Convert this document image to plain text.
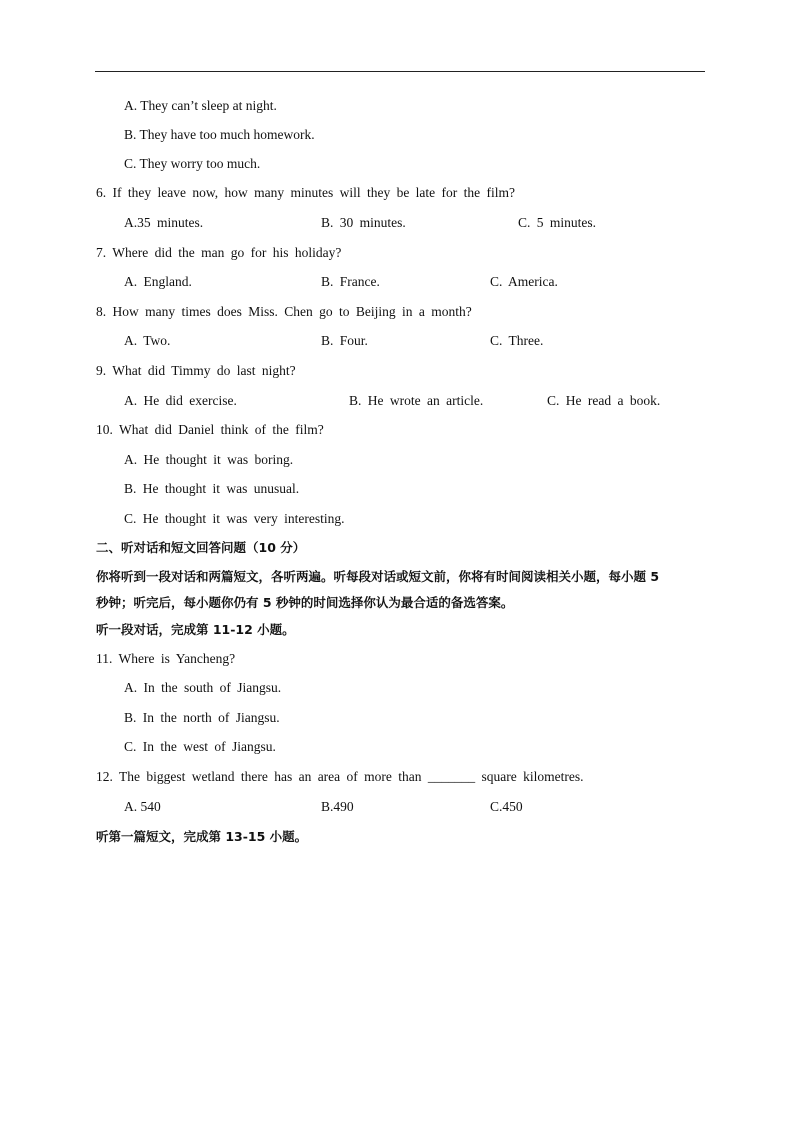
A. They can’t sleep at night.
B. They have too much homework.
C. They worry too much.
6. If they leave now, how many minutes will they be late for the film?
A.35 minutes.	B. 30 minutes.	C. 5 minutes.
7. Where did the man go for his holiday?
A. England.	B. France.	C. America.
8. How many times does Miss. Chen go to Beijing in a month?
A. Two.	B. Four.	C. Three.
9. What did Timmy do last night?
A. He did exercise.	B. He wrote an article.	C. He read a book.
10. What did Daniel think of the film?
A. He thought it was boring.
B. He thought it was unusual.
C. He thought it was very interesting.
二、听对话和短文回答问题（10 分）
你将听到一段对话和两篇短文，各听两遍。听每段对话或短文前，你将有时间阅读相关小题，每小题 5
秒钟；听完后，每小题你仍有 5 秒钟的时间选择你认为最合适的备选答案。
听一段对话，完成第 11-12 小题。
11. Where is Yancheng?
A. In the south of Jiangsu.
B. In the north of Jiangsu.
C. In the west of Jiangsu.
12. The biggest wetland there has an area of more than _______ square kilometres.
A. 540	B.490	C.450
听第一篇短文，完成第 13-15 小题。
